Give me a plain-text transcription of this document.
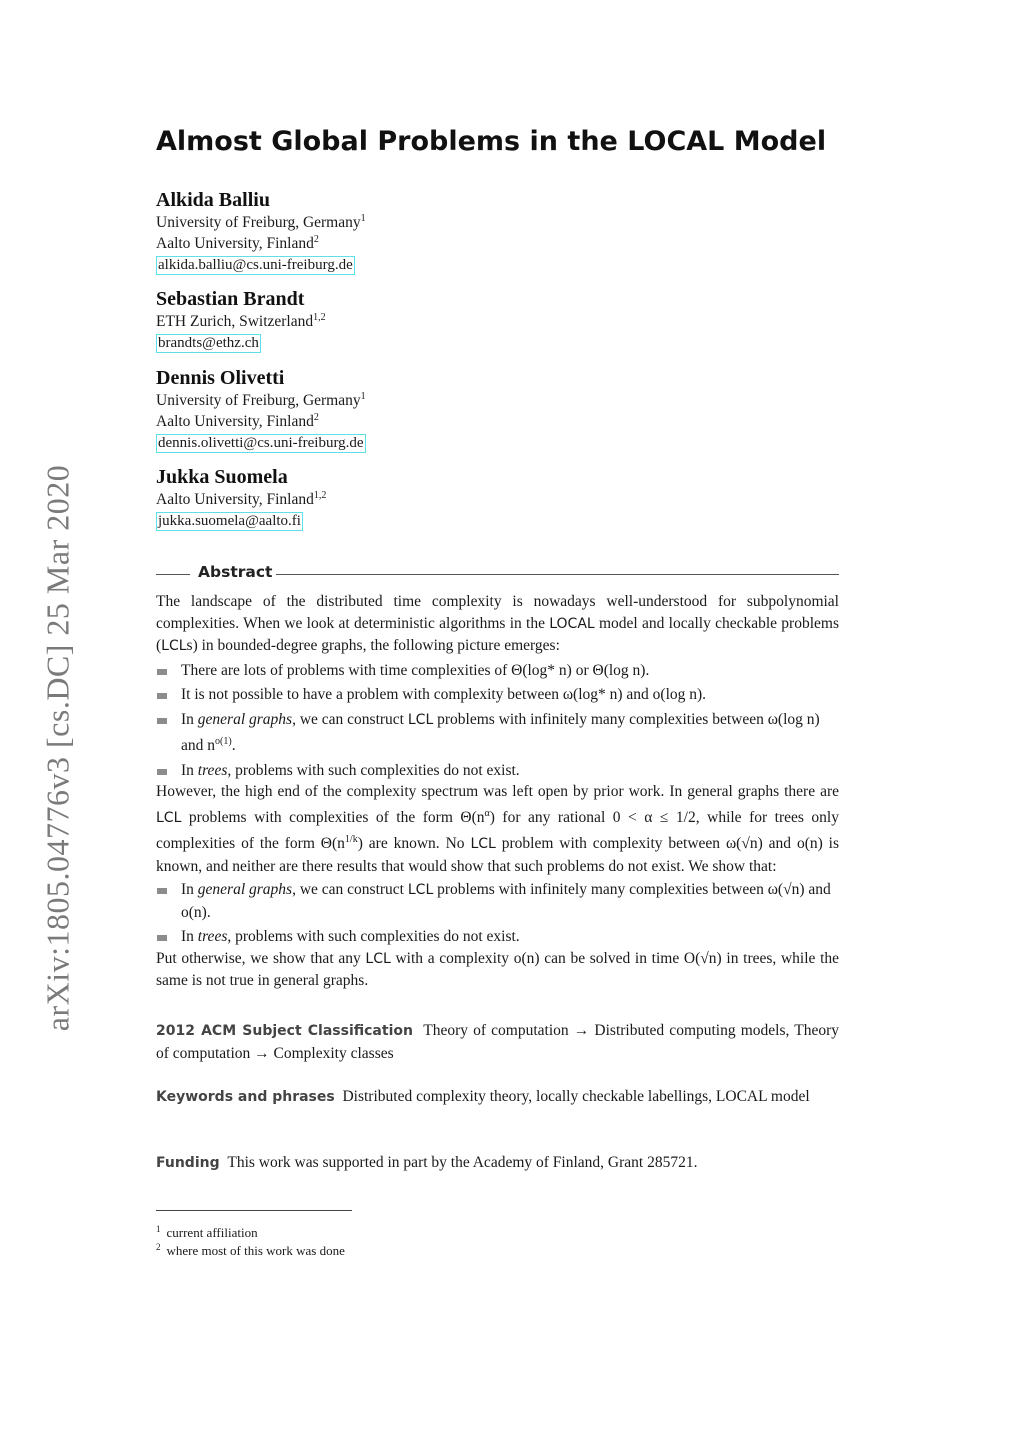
arXiv:1805.04776v3 [cs.DC] 25 Mar 2020
Almost Global Problems in the LOCAL Model
Alkida Balliu
University of Freiburg, Germany$^1$
Aalto University, Finland$^2$
alkida.balliu@cs.uni-freiburg.de
Sebastian Brandt
ETH Zurich, Switzerland$^{1,2}$
brandts@ethz.ch
Dennis Olivetti
University of Freiburg, Germany$^1$
Aalto University, Finland$^2$
dennis.olivetti@cs.uni-freiburg.de
Jukka Suomela
Aalto University, Finland$^{1,2}$
jukka.suomela@aalto.fi
Abstract
The landscape of the distributed time complexity is nowadays well-understood for subpolynomial complexities. When we look at deterministic algorithms in the LOCAL model and locally checkable problems (LCLs) in bounded-degree graphs, the following picture emerges:
There are lots of problems with time complexities of Θ(log* n) or Θ(log n).
It is not possible to have a problem with complexity between ω(log* n) and o(log n).
In general graphs, we can construct LCL problems with infinitely many complexities between ω(log n) and $n^{o(1)}$.
In trees, problems with such complexities do not exist.
However, the high end of the complexity spectrum was left open by prior work. In general graphs there are LCL problems with complexities of the form $\Theta(n^\alpha)$ for any rational 0 < α ≤ 1/2, while for trees only complexities of the form $\Theta(n^{1/k})$ are known. No LCL problem with complexity between ω(√n) and o(n) is known, and neither are there results that would show that such problems do not exist. We show that:
In general graphs, we can construct LCL problems with infinitely many complexities between ω(√n) and o(n).
In trees, problems with such complexities do not exist.
Put otherwise, we show that any LCL with a complexity o(n) can be solved in time O(√n) in trees, while the same is not true in general graphs.
2012 ACM Subject Classification Theory of computation → Distributed computing models, Theory of computation → Complexity classes
Keywords and phrases Distributed complexity theory, locally checkable labellings, LOCAL model
Funding This work was supported in part by the Academy of Finland, Grant 285721.
$^1$ current affiliation
$^2$ where most of this work was done
